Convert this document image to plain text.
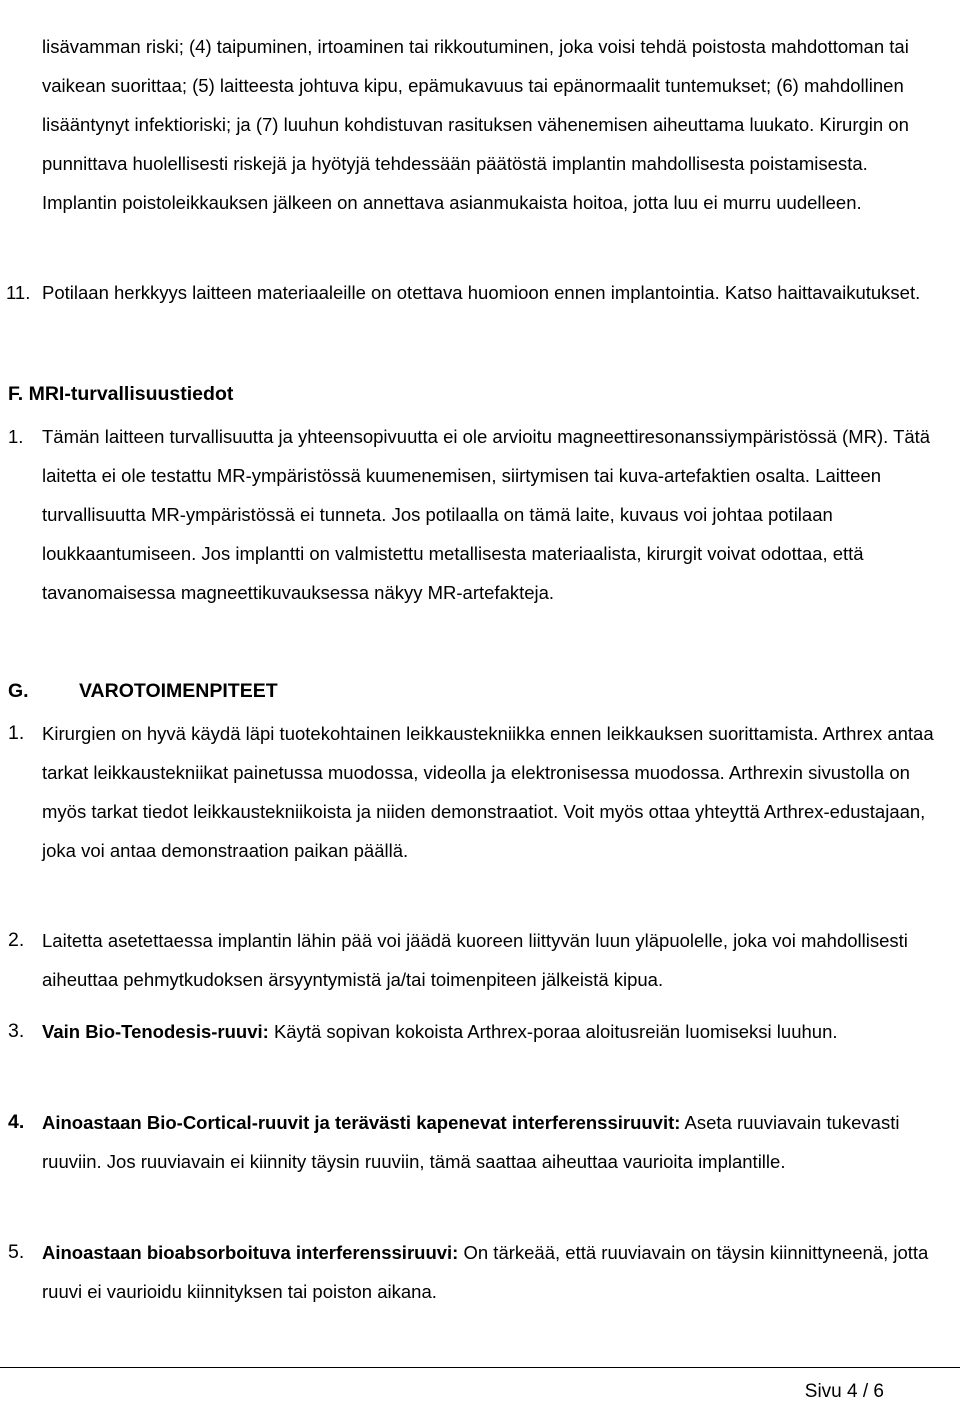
lisävamman riski; (4) taipuminen, irtoaminen tai rikkoutuminen, joka voisi tehdä poistosta mahdottoman tai vaikean suorittaa; (5) laitteesta johtuva kipu, epämukavuus tai epänormaalit tuntemukset; (6) mahdollinen lisääntynyt infektioriski; ja (7) luuhun kohdistuvan rasituksen vähenemisen aiheuttama luukato. Kirurgin on punnittava huolellisesti riskejä ja hyötyjä tehdessään päätöstä implantin mahdollisesta poistamisesta. Implantin poistoleikkauksen jälkeen on annettava asianmukaista hoitoa, jotta luu ei murru uudelleen.

11. Potilaan herkkyys laitteen materiaaleille on otettava huomioon ennen implantointia. Katso haittavaikutukset.
F. MRI-turvallisuustiedot
1. Tämän laitteen turvallisuutta ja yhteensopivuutta ei ole arvioitu magneettiresonanssiympäristössä (MR). Tätä laitetta ei ole testattu MR-ympäristössä kuumenemisen, siirtymisen tai kuva-artefaktien osalta. Laitteen turvallisuutta MR-ympäristössä ei tunneta. Jos potilaalla on tämä laite, kuvaus voi johtaa potilaan loukkaantumiseen. Jos implantti on valmistettu metallisesta materiaalista, kirurgit voivat odottaa, että tavanomaisessa magneettikuvauksessa näkyy MR-artefakteja.
G.	VAROTOIMENPITEET
1. Kirurgien on hyvä käydä läpi tuotekohtainen leikkaustekniikka ennen leikkauksen suorittamista. Arthrex antaa tarkat leikkaustekniikat painetussa muodossa, videolla ja elektronisessa muodossa. Arthrexin sivustolla on myös tarkat tiedot leikkaustekniikoista ja niiden demonstraatiot. Voit myös ottaa yhteyttä Arthrex-edustajaan, joka voi antaa demonstraation paikan päällä.
2. Laitetta asetettaessa implantin lähin pää voi jäädä kuoreen liittyvän luun yläpuolelle, joka voi mahdollisesti aiheuttaa pehmytkudoksen ärsyyntymistä ja/tai toimenpiteen jälkeistä kipua.
3. Vain Bio-Tenodesis-ruuvi: Käytä sopivan kokoista Arthrex-poraa aloitusreiän luomiseksi luuhun.
4. Ainoastaan Bio-Cortical-ruuvit ja terävästi kapenevat interferenssiruuvit: Aseta ruuviavain tukevasti ruuviin. Jos ruuviavain ei kiinnity täysin ruuviin, tämä saattaa aiheuttaa vaurioita implantille.
5. Ainoastaan bioabsorboituva interferenssiruuvi: On tärkeää, että ruuviavain on täysin kiinnittyneenä, jotta ruuvi ei vaurioidu kiinnityksen tai poiston aikana.
Sivu 4 / 6
